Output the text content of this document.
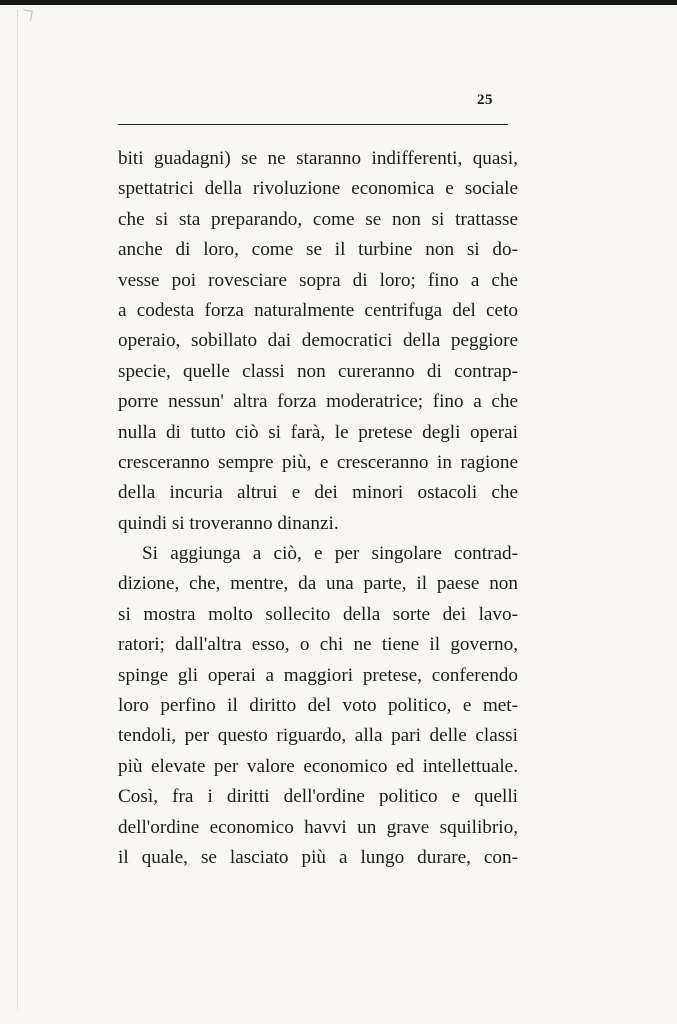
25
biti guadagni) se ne staranno indifferenti, quasi,
spettatrici della rivoluzione economica e sociale
che si sta preparando, come se non si trattasse
anche di loro, come se il turbine non si do-
vesse poi rovesciare sopra di loro; fino a che
a codesta forza naturalmente centrifuga del ceto
operaio, sobillato dai democratici della peggiore
specie, quelle classi non cureranno di contrap-
porre nessun' altra forza moderatrice; fino a che
nulla di tutto ciò si farà, le pretese degli operai
cresceranno sempre più, e cresceranno in ragione
della incuria altrui e dei minori ostacoli che
quindi si troveranno dinanzi.
Si aggiunga a ciò, e per singolare contrad-
dizione, che, mentre, da una parte, il paese non
si mostra molto sollecito della sorte dei lavo-
ratori; dall'altra esso, o chi ne tiene il governo,
spinge gli operai a maggiori pretese, conferendo
loro perfino il diritto del voto politico, e met-
tendoli, per questo riguardo, alla pari delle classi
più elevate per valore economico ed intellettuale.
Così, fra i diritti dell'ordine politico e quelli
dell'ordine economico havvi un grave squilibrio,
il quale, se lasciato più a lungo durare, con-
